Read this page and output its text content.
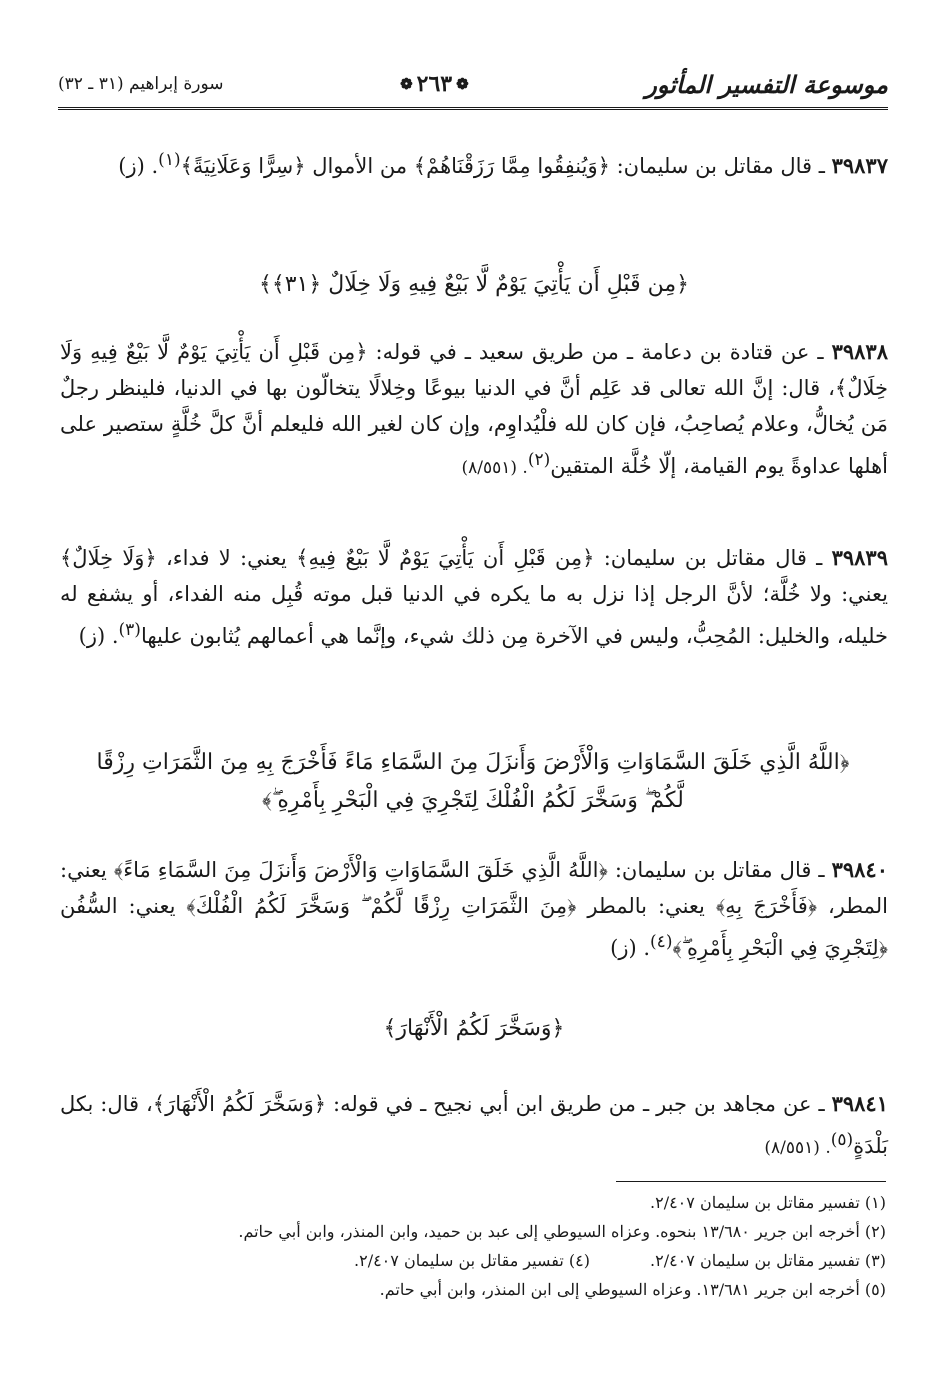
موسوعة التفسير المأثور
❁
٢٦٣
❁
سورة إبراهيم (٣١ ـ ٣٢)

٣٩٨٣٧ ـ قال مقاتل بن سليمان: ﴿وَيُنفِقُوا مِمَّا رَزَقْنَاهُمْ﴾ من الأموال ﴿سِرًّا وَعَلَانِيَةً﴾$^{(١)}$. (ز)

﴿مِن قَبْلِ أَن يَأْتِيَ يَوْمٌ لَّا بَيْعٌ فِيهِ وَلَا خِلَالٌ ﴿٣١﴾﴾

٣٩٨٣٨ ـ عن قتادة بن دعامة ـ من طريق سعيد ـ في قوله: ﴿مِن قَبْلِ أَن يَأْتِيَ يَوْمٌ لَّا بَيْعٌ فِيهِ وَلَا خِلَالٌ﴾، قال: إنَّ الله تعالى قد عَلِم أنَّ في الدنيا بيوعًا وخِلالًا يتخالّون بها في الدنيا، فلينظر رجلٌ مَن يُخالُّ، وعلام يُصاحِبُ، فإن كان لله فلْيُداوِم، وإن كان لغير الله فليعلم أنَّ كلَّ خُلَّةٍ ستصير على أهلها عداوةً يوم القيامة، إلّا خُلَّة المتقين$^{(٢)}$. (٨/٥٥١)

٣٩٨٣٩ ـ قال مقاتل بن سليمان: ﴿مِن قَبْلِ أَن يَأْتِيَ يَوْمٌ لَّا بَيْعٌ فِيهِ﴾ يعني: لا فداء، ﴿وَلَا خِلَالٌ﴾ يعني: ولا خُلَّة؛ لأنَّ الرجل إذا نزل به ما يكره في الدنيا قبل موته قُبِل منه الفداء، أو يشفع له خليله، والخليل: المُحِبُّ، وليس في الآخرة مِن ذلك شيء، وإنَّما هي أعمالهم يُثابون عليها$^{(٣)}$. (ز)

﴿اللَّهُ الَّذِي خَلَقَ السَّمَاوَاتِ وَالْأَرْضَ وَأَنزَلَ مِنَ السَّمَاءِ مَاءً فَأَخْرَجَ بِهِ مِنَ الثَّمَرَاتِ رِزْقًا لَّكُمْ ۖ وَسَخَّرَ لَكُمُ الْفُلْكَ لِتَجْرِيَ فِي الْبَحْرِ بِأَمْرِهِ ۖ﴾

٣٩٨٤٠ ـ قال مقاتل بن سليمان: ﴿اللَّهُ الَّذِي خَلَقَ السَّمَاوَاتِ وَالْأَرْضَ وَأَنزَلَ مِنَ السَّمَاءِ مَاءً﴾ يعني: المطر، ﴿فَأَخْرَجَ بِهِ﴾ يعني: بالمطر ﴿مِنَ الثَّمَرَاتِ رِزْقًا لَّكُمْ ۖ وَسَخَّرَ لَكُمُ الْفُلْكَ﴾ يعني: السُّفُن ﴿لِتَجْرِيَ فِي الْبَحْرِ بِأَمْرِهِ ۖ﴾$^{(٤)}$. (ز)

﴿وَسَخَّرَ لَكُمُ الْأَنْهَارَ﴾

٣٩٨٤١ ـ عن مجاهد بن جبر ـ من طريق ابن أبي نجيح ـ في قوله: ﴿وَسَخَّرَ لَكُمُ الْأَنْهَارَ﴾، قال: بكل بَلْدَةٍ$^{(٥)}$. (٨/٥٥١)

(١) تفسير مقاتل بن سليمان ٢/٤٠٧.

(٢) أخرجه ابن جرير ١٣/٦٨٠ بنحوه. وعزاه السيوطي إلى عبد بن حميد، وابن المنذر، وابن أبي حاتم.

(٣) تفسير مقاتل بن سليمان ٢/٤٠٧.
(٤) تفسير مقاتل بن سليمان ٢/٤٠٧.

(٥) أخرجه ابن جرير ١٣/٦٨١. وعزاه السيوطي إلى ابن المنذر، وابن أبي حاتم.
